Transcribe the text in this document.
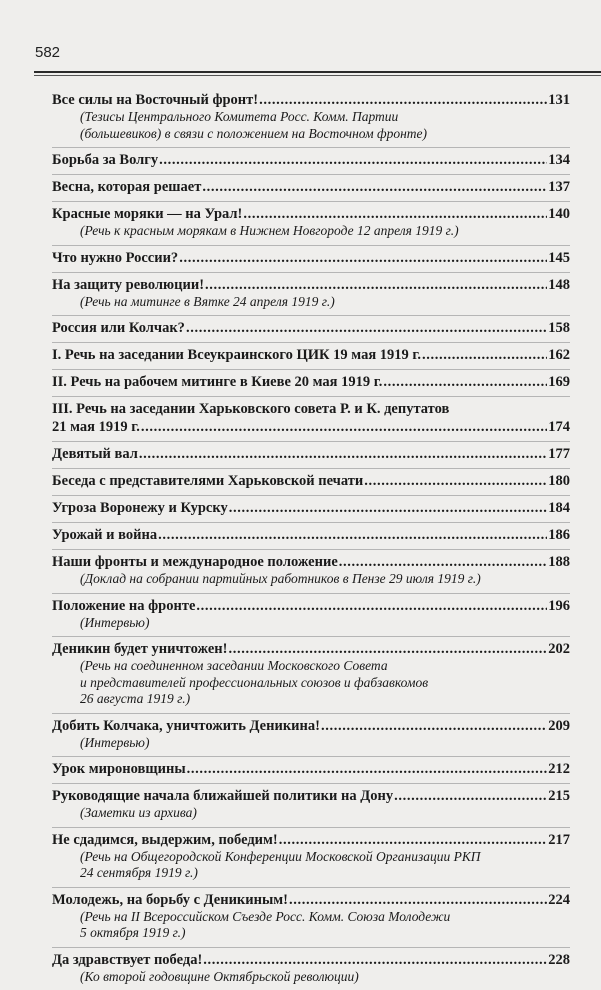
582
Все силы на Восточный фронт! . . .	131
(Тезисы Центрального Комитета Росс. Комм. Партии
(большевиков) в связи с положением на Восточном фронте)
Борьба за Волгу . . .	134
Весна, которая решает . . .	137
Красные моряки — на Урал! . . .	140
(Речь к красным морякам в Нижнем Новгороде 12 апреля 1919 г.)
Что нужно России? . . .	145
На защиту революции! . . .	148
(Речь на митинге в Вятке 24 апреля 1919 г.)
Россия или Колчак? . . .	158
I. Речь на заседании Всеукраинского ЦИК 19 мая 1919 г. . . .	162
II. Речь на рабочем митинге в Киеве 20 мая 1919 г. . . .	169
III. Речь на заседании Харьковского совета Р. и К. депутатов
21 мая 1919 г. . . .	174
Девятый вал . . .	177
Беседа с представителями Харьковской печати . . .	180
Угроза Воронежу и Курску . . .	184
Урожай и война . . .	186
Наши фронты и международное положение . . .	188
(Доклад на собрании партийных работников в Пензе 29 июля 1919 г.)
Положение на фронте . . .	196
(Интервью)
Деникин будет уничтожен! . . .	202
(Речь на соединенном заседании Московского Совета
и представителей профессиональных союзов и фабзавкомов
26 августа 1919 г.)
Добить Колчака, уничтожить Деникина! . . .	209
(Интервью)
Урок мироновщины . . .	212
Руководящие начала ближайшей политики на Дону . . .	215
(Заметки из архива)
Не сдадимся, выдержим, победим! . . .	217
(Речь на Общегородской Конференции Московской Организации РКП
24 сентября 1919 г.)
Молодежь, на борьбу с Деникиным! . . .	224
(Речь на II Всероссийском Съезде Росс. Комм. Союза Молодежи
5 октября 1919 г.)
Да здравствует победа! . . .	228
(Ко второй годовщине Октябрьской революции)
